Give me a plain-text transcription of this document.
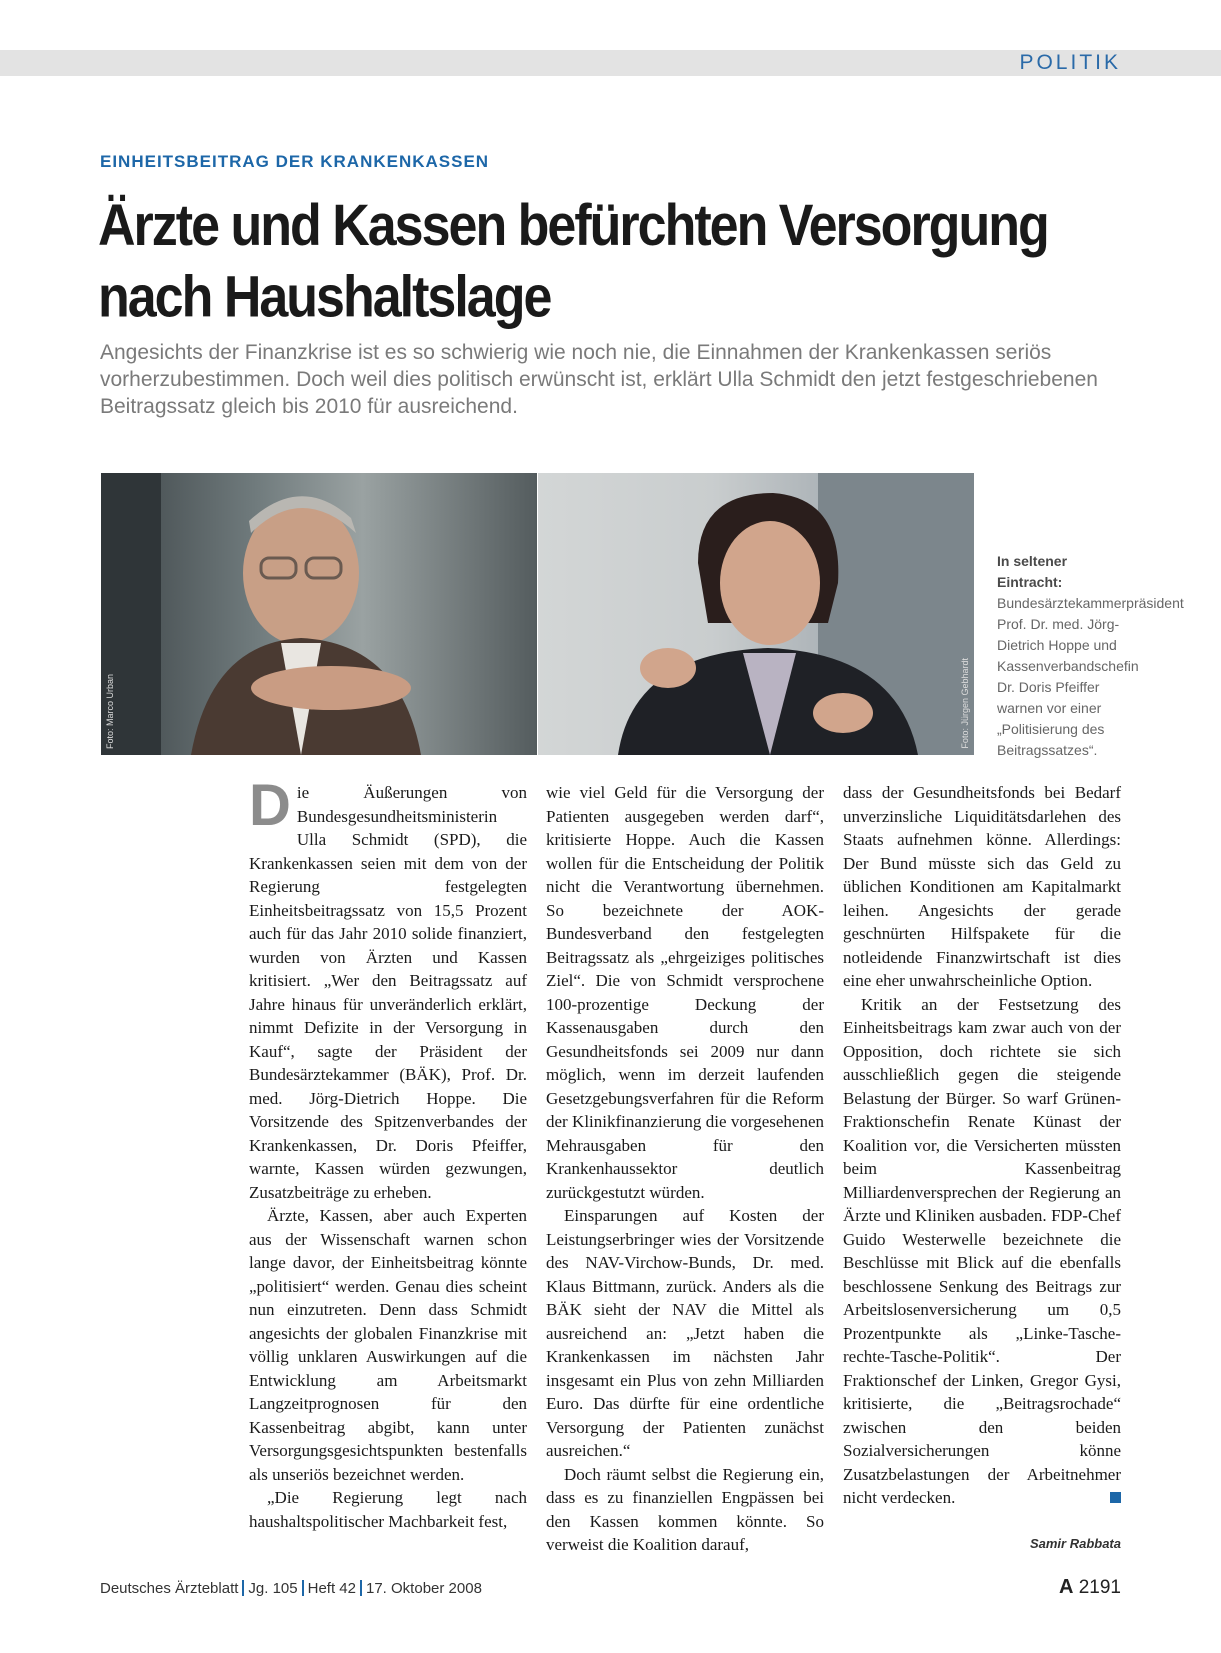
POLITIK
EINHEITSBEITRAG DER KRANKENKASSEN
Ärzte und Kassen befürchten Versorgung
nach Haushaltslage
Angesichts der Finanzkrise ist es so schwierig wie noch nie, die Einnahmen der Krankenkassen seriös vorherzubestimmen. Doch weil dies politisch erwünscht ist, erklärt Ulla Schmidt den jetzt festgeschriebenen Beitragssatz gleich bis 2010 für ausreichend.
Foto: Marco Urban	Foto: Jürgen Gebhardt
In seltener Eintracht: Bundesärztekammerpräsident Prof. Dr. med. Jörg-Dietrich Hoppe und Kassenverbandschefin Dr. Doris Pfeiffer warnen vor einer „Politisierung des Beitragssatzes“.

Die Äußerungen von Bundesgesundheitsministerin Ulla Schmidt (SPD), die Krankenkassen seien mit dem von der Regierung festgelegten Einheitsbeitragssatz von 15,5 Prozent auch für das Jahr 2010 solide finanziert, wurden von Ärzten und Kassen kritisiert. „Wer den Beitragssatz auf Jahre hinaus für unveränderlich erklärt, nimmt Defizite in der Versorgung in Kauf“, sagte der Präsident der Bundesärztekammer (BÄK), Prof. Dr. med. Jörg-Dietrich Hoppe. Die Vorsitzende des Spitzenverbandes der Krankenkassen, Dr. Doris Pfeiffer, warnte, Kassen würden gezwungen, Zusatzbeiträge zu erheben.

Ärzte, Kassen, aber auch Experten aus der Wissenschaft warnen schon lange davor, der Einheitsbeitrag könnte „politisiert“ werden. Genau dies scheint nun einzutreten. Denn dass Schmidt angesichts der globalen Finanzkrise mit völlig unklaren Auswirkungen auf die Entwicklung am Arbeitsmarkt Langzeitprognosen für den Kassenbeitrag abgibt, kann unter Versorgungsgesichtspunkten bestenfalls als unseriös bezeichnet werden.

„Die Regierung legt nach haushaltspolitischer Machbarkeit fest,

wie viel Geld für die Versorgung der Patienten ausgegeben werden darf“, kritisierte Hoppe. Auch die Kassen wollen für die Entscheidung der Politik nicht die Verantwortung übernehmen. So bezeichnete der AOK-Bundesverband den festgelegten Beitragssatz als „ehrgeiziges politisches Ziel“. Die von Schmidt versprochene 100-prozentige Deckung der Kassenausgaben durch den Gesundheitsfonds sei 2009 nur dann möglich, wenn im derzeit laufenden Gesetzgebungsverfahren für die Reform der Klinikfinanzierung die vorgesehenen Mehrausgaben für den Krankenhaussektor deutlich zurückgestutzt würden.

Einsparungen auf Kosten der Leistungserbringer wies der Vorsitzende des NAV-Virchow-Bunds, Dr. med. Klaus Bittmann, zurück. Anders als die BÄK sieht der NAV die Mittel als ausreichend an: „Jetzt haben die Krankenkassen im nächsten Jahr insgesamt ein Plus von zehn Milliarden Euro. Das dürfte für eine ordentliche Versorgung der Patienten zunächst ausreichen.“

Doch räumt selbst die Regierung ein, dass es zu finanziellen Engpässen bei den Kassen kommen könnte. So verweist die Koalition darauf,

dass der Gesundheitsfonds bei Bedarf unverzinsliche Liquiditätsdarlehen des Staats aufnehmen könne. Allerdings: Der Bund müsste sich das Geld zu üblichen Konditionen am Kapitalmarkt leihen. Angesichts der gerade geschnürten Hilfspakete für die notleidende Finanzwirtschaft ist dies eine eher unwahrscheinliche Option.

Kritik an der Festsetzung des Einheitsbeitrags kam zwar auch von der Opposition, doch richtete sie sich ausschließlich gegen die steigende Belastung der Bürger. So warf Grünen-Fraktionschefin Renate Künast der Koalition vor, die Versicherten müssten beim Kassenbeitrag Milliardenversprechen der Regierung an Ärzte und Kliniken ausbaden. FDP-Chef Guido Westerwelle bezeichnete die Beschlüsse mit Blick auf die ebenfalls beschlossene Senkung des Beitrags zur Arbeitslosenversicherung um 0,5 Prozentpunkte als „Linke-Tasche-rechte-Tasche-Politik“. Der Fraktionschef der Linken, Gregor Gysi, kritisierte, die „Beitragsrochade“ zwischen den beiden Sozialversicherungen könne Zusatzbelastungen der Arbeitnehmer nicht verdecken.

Samir Rabbata
Deutsches Ärzteblatt Jg. 105 Heft 42 17. Oktober 2008	A 2191
